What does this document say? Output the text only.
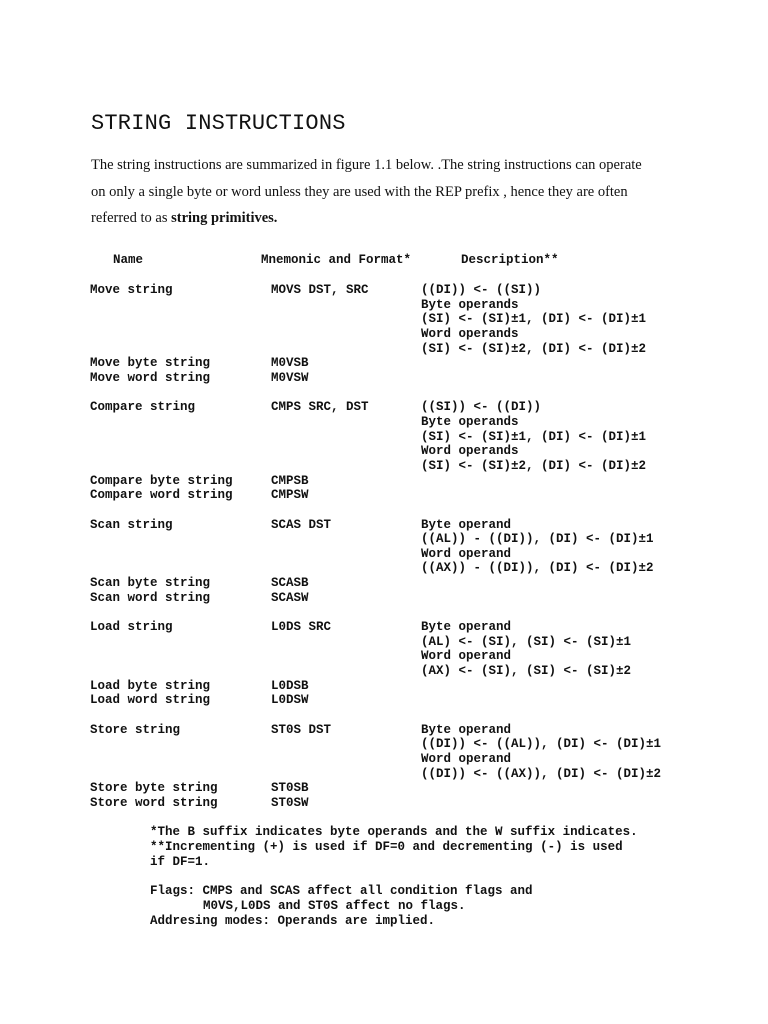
STRING INSTRUCTIONS
The string instructions are summarized in figure 1.1 below. .The string instructions can operate
on only a single byte or word unless they are used with the REP prefix , hence they are often
referred to as string primitives.
Name	Mnemonic and Format*	Description**
Move string	MOVS DST, SRC	((DI)) <- ((SI))
Byte operands
(SI) <- (SI)±1, (DI) <- (DI)±1
Word operands
(SI) <- (SI)±2, (DI) <- (DI)±2
Move byte string	M0VSB
Move word string	M0VSW
Compare string	CMPS SRC, DST	((SI)) <- ((DI))
Byte operands
(SI) <- (SI)±1, (DI) <- (DI)±1
Word operands
(SI) <- (SI)±2, (DI) <- (DI)±2
Compare byte string	CMPSB
Compare word string	CMPSW
Scan string	SCAS DST	Byte operand
((AL)) - ((DI)), (DI) <- (DI)±1
Word operand
((AX)) - ((DI)), (DI) <- (DI)±2
Scan byte string	SCASB
Scan word string	SCASW
Load string	L0DS SRC	Byte operand
(AL) <- (SI), (SI) <- (SI)±1
Word operand
(AX) <- (SI), (SI) <- (SI)±2
Load byte string	L0DSB
Load word string	L0DSW
Store string	ST0S DST	Byte operand
((DI)) <- ((AL)), (DI) <- (DI)±1
Word operand
((DI)) <- ((AX)), (DI) <- (DI)±2
Store byte string	ST0SB
Store word string	ST0SW
*The B suffix indicates byte operands and the W suffix indicates.
**Incrementing (+) is used if DF=0 and decrementing (-) is used
if DF=1.
Flags: CMPS and SCAS affect all condition flags and
M0VS,L0DS and ST0S affect no flags.
Addresing modes: Operands are implied.
